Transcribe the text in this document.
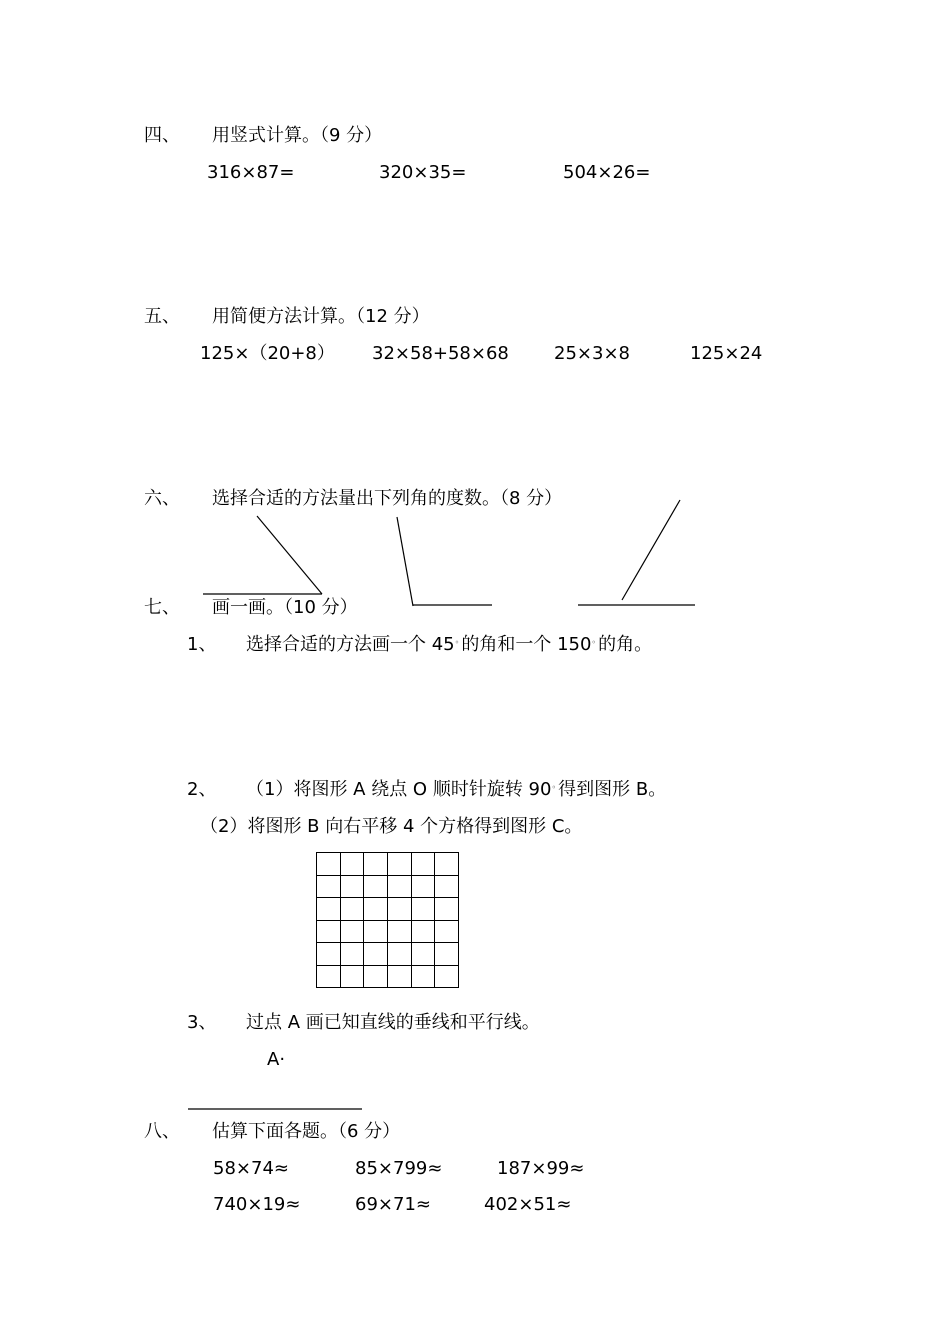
四、 用竖式计算。（9 分）
316×87=	320×35=	504×26=
五、 用简便方法计算。（12 分）
125×（20+8） 32×58+58×68	25×3×8	125×24
六、 选择合适的方法量出下列角的度数。（8 分）
七、 画一画。（10 分）
1、 选择合适的方法画一个 45◦ 的角和一个 150◦ 的角。
2、 （1）将图形 A 绕点 O 顺时针旋转 90◦ 得到图形 B。
（2）将图形 B 向右平移 4 个方格得到图形 C。

3、 过点 A 画已知直线的垂线和平行线。
A·
八、 估算下面各题。（6 分）
58×74≈	85×799≈	187×99≈
740×19≈	69×71≈	402×51≈
